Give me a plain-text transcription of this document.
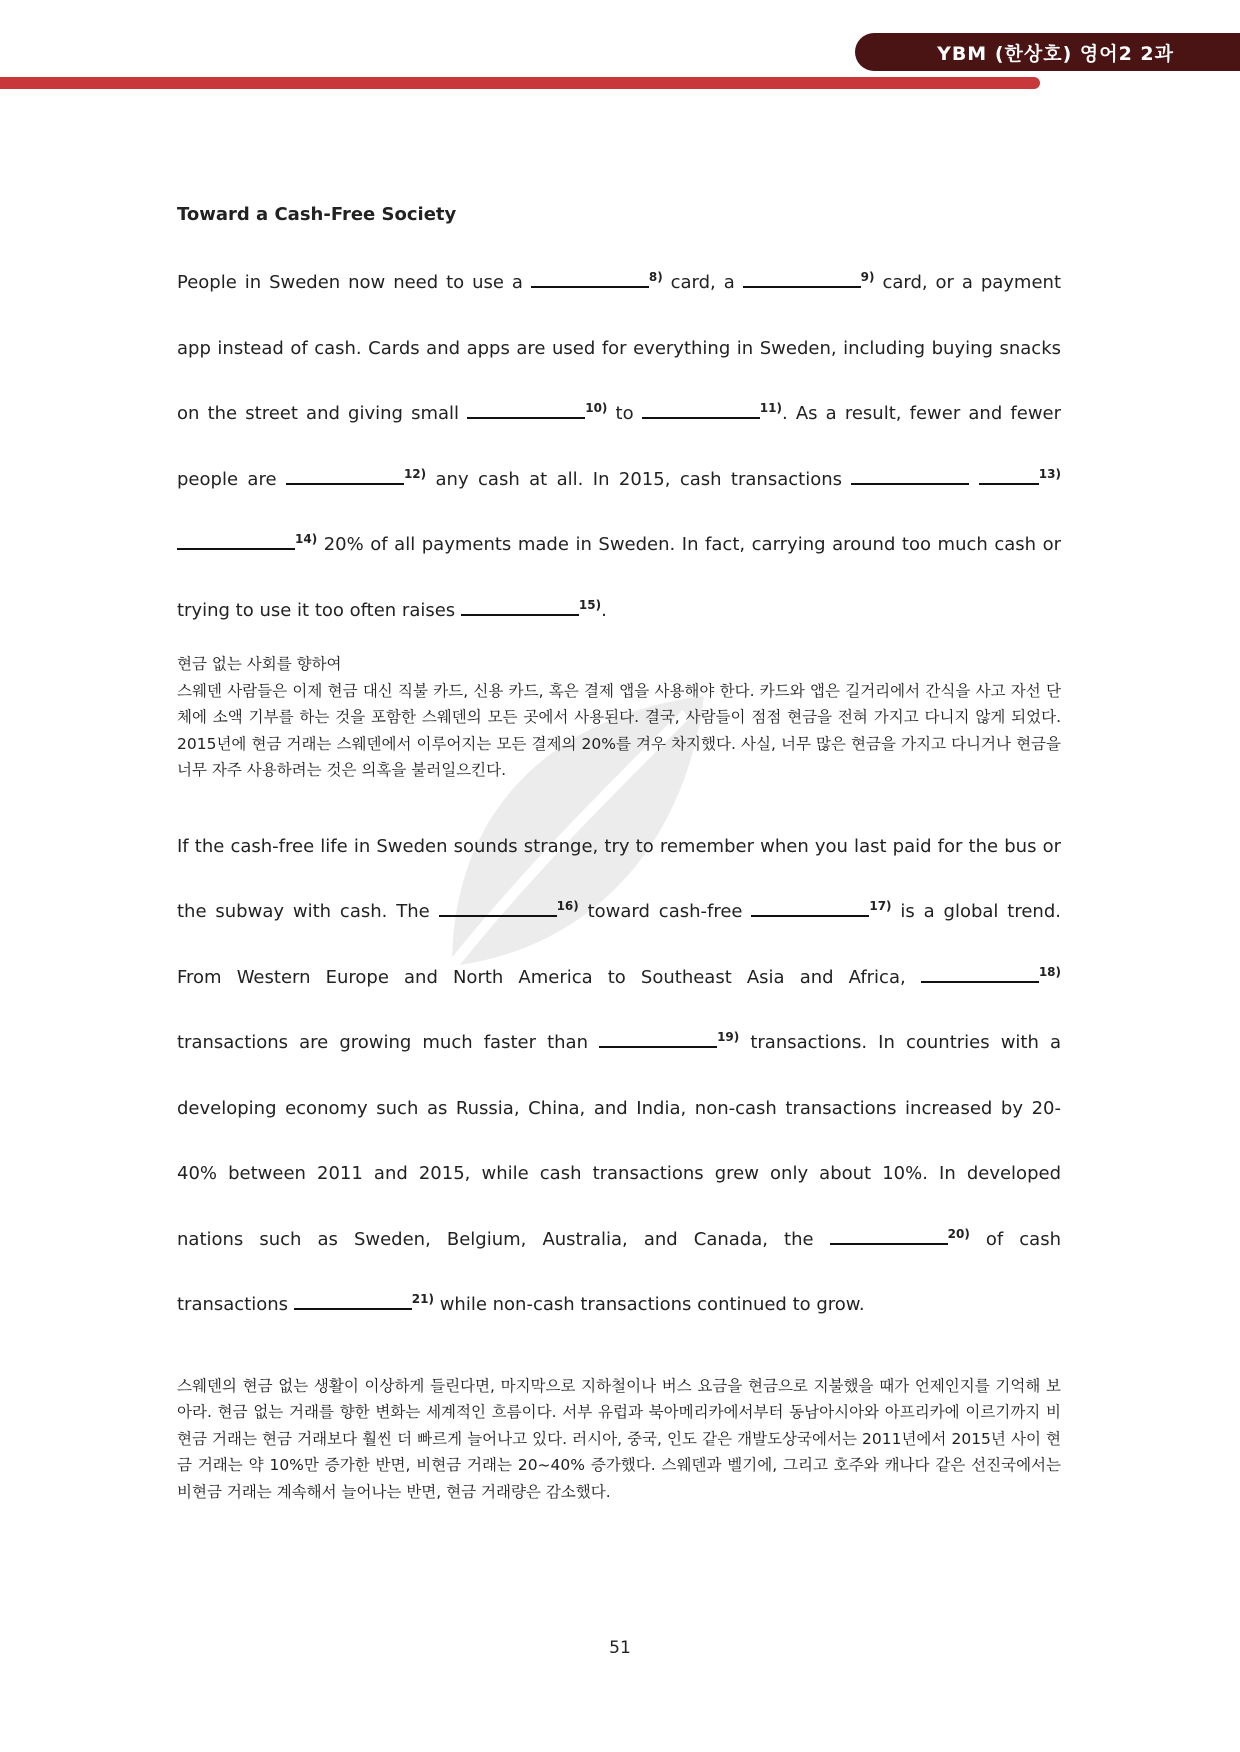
YBM (한상호) 영어2 2과
Toward a Cash-Free Society

People in Sweden now need to use a	$^{8)}$ card, a	$^{9)}$ card, or a payment app instead of cash. Cards and apps are used for everything in Sweden, including buying snacks on the street and giving small	$^{10)}$ to	$^{11)}$. As a result, fewer and fewer people are	$^{12)}$ any cash at all. In 2015, cash transactions	$^{13)}$ $^{14)}$ 20% of all payments made in Sweden. In fact, carrying around too much cash or trying to use it too often raises	$^{15)}$.

현금 없는 사회를 향하여

스웨덴 사람들은 이제 현금 대신 직불 카드, 신용 카드, 혹은 결제 앱을 사용해야 한다. 카드와 앱은 길거리에서 간식을 사고 자선 단체에 소액 기부를 하는 것을 포함한 스웨덴의 모든 곳에서 사용된다. 결국, 사람들이 점점 현금을 전혀 가지고 다니지 않게 되었다. 2015년에 현금 거래는 스웨덴에서 이루어지는 모든 결제의 20%를 겨우 차지했다. 사실, 너무 많은 현금을 가지고 다니거나 현금을 너무 자주 사용하려는 것은 의혹을 불러일으킨다.

If the cash-free life in Sweden sounds strange, try to remember when you last paid for the bus or the subway with cash. The	$^{16)}$ toward cash-free	$^{17)}$ is a global trend. From Western Europe and North America to Southeast Asia and Africa,	$^{18)}$ transactions are growing much faster than	$^{19)}$ transactions. In countries with a developing economy such as Russia, China, and India, non-cash transactions increased by 20-40% between 2011 and 2015, while cash transactions grew only about 10%. In developed nations such as Sweden, Belgium, Australia, and Canada, the	$^{20)}$ of cash transactions	$^{21)}$ while non-cash transactions continued to grow.

스웨덴의 현금 없는 생활이 이상하게 들린다면, 마지막으로 지하철이나 버스 요금을 현금으로 지불했을 때가 언제인지를 기억해 보아라. 현금 없는 거래를 향한 변화는 세계적인 흐름이다. 서부 유럽과 북아메리카에서부터 동남아시아와 아프리카에 이르기까지 비현금 거래는 현금 거래보다 훨씬 더 빠르게 늘어나고 있다. 러시아, 중국, 인도 같은 개발도상국에서는 2011년에서 2015년 사이 현금 거래는 약 10%만 증가한 반면, 비현금 거래는 20~40% 증가했다. 스웨덴과 벨기에, 그리고 호주와 캐나다 같은 선진국에서는 비현금 거래는 계속해서 늘어나는 반면, 현금 거래량은 감소했다.

51
